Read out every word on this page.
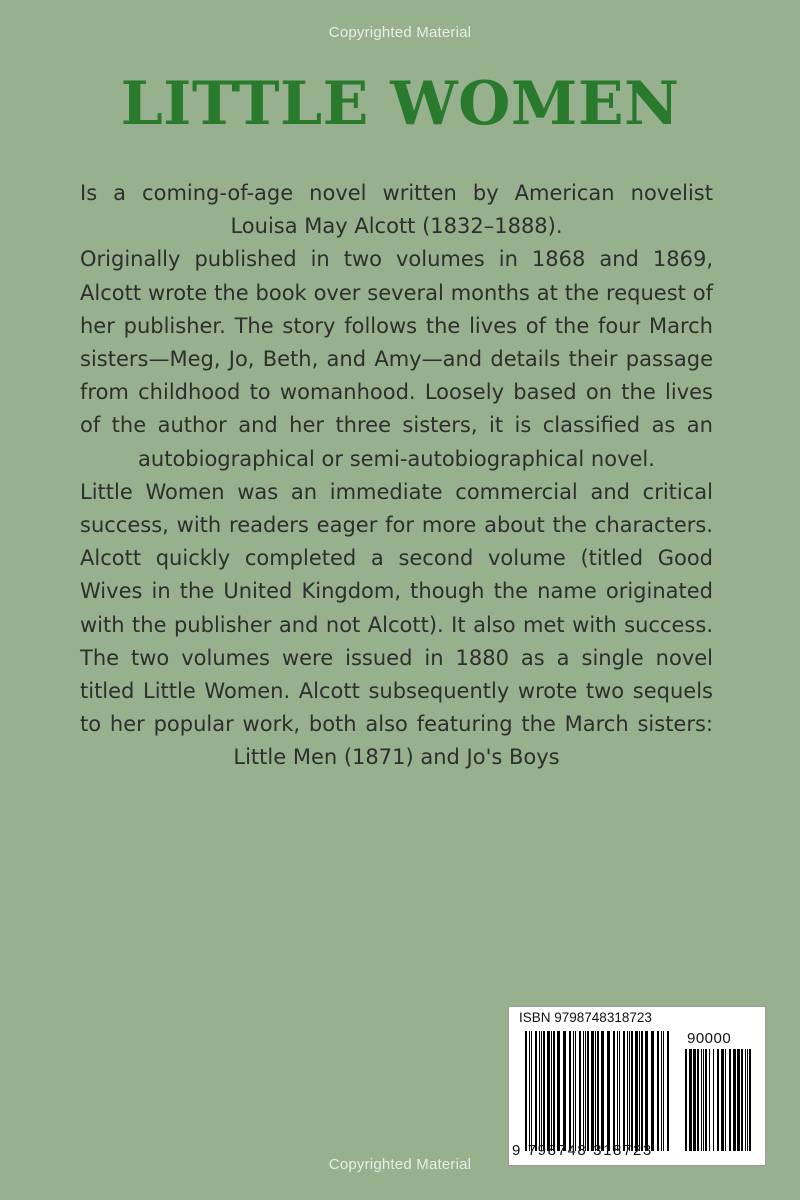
Copyrighted Material
LITTLE WOMEN

Is a coming-of-age novel written by American novelist Louisa May Alcott (1832–1888).

Originally published in two volumes in 1868 and 1869, Alcott wrote the book over several months at the request of her publisher. The story follows the lives of the four March sisters—Meg, Jo, Beth, and Amy—and details their passage from childhood to womanhood. Loosely based on the lives of the author and her three sisters, it is classified as an autobiographical or semi-autobiographical novel.

Little Women was an immediate commercial and critical success, with readers eager for more about the characters. Alcott quickly completed a second volume (titled Good Wives in the United Kingdom, though the name originated with the publisher and not Alcott). It also met with success. The two volumes were issued in 1880 as a single novel titled Little Women. Alcott subsequently wrote two sequels to her popular work, both also featuring the March sisters: Little Men (1871) and Jo's Boys

ISBN 9798748318723
90000
9 798748 318723
Copyrighted Material
